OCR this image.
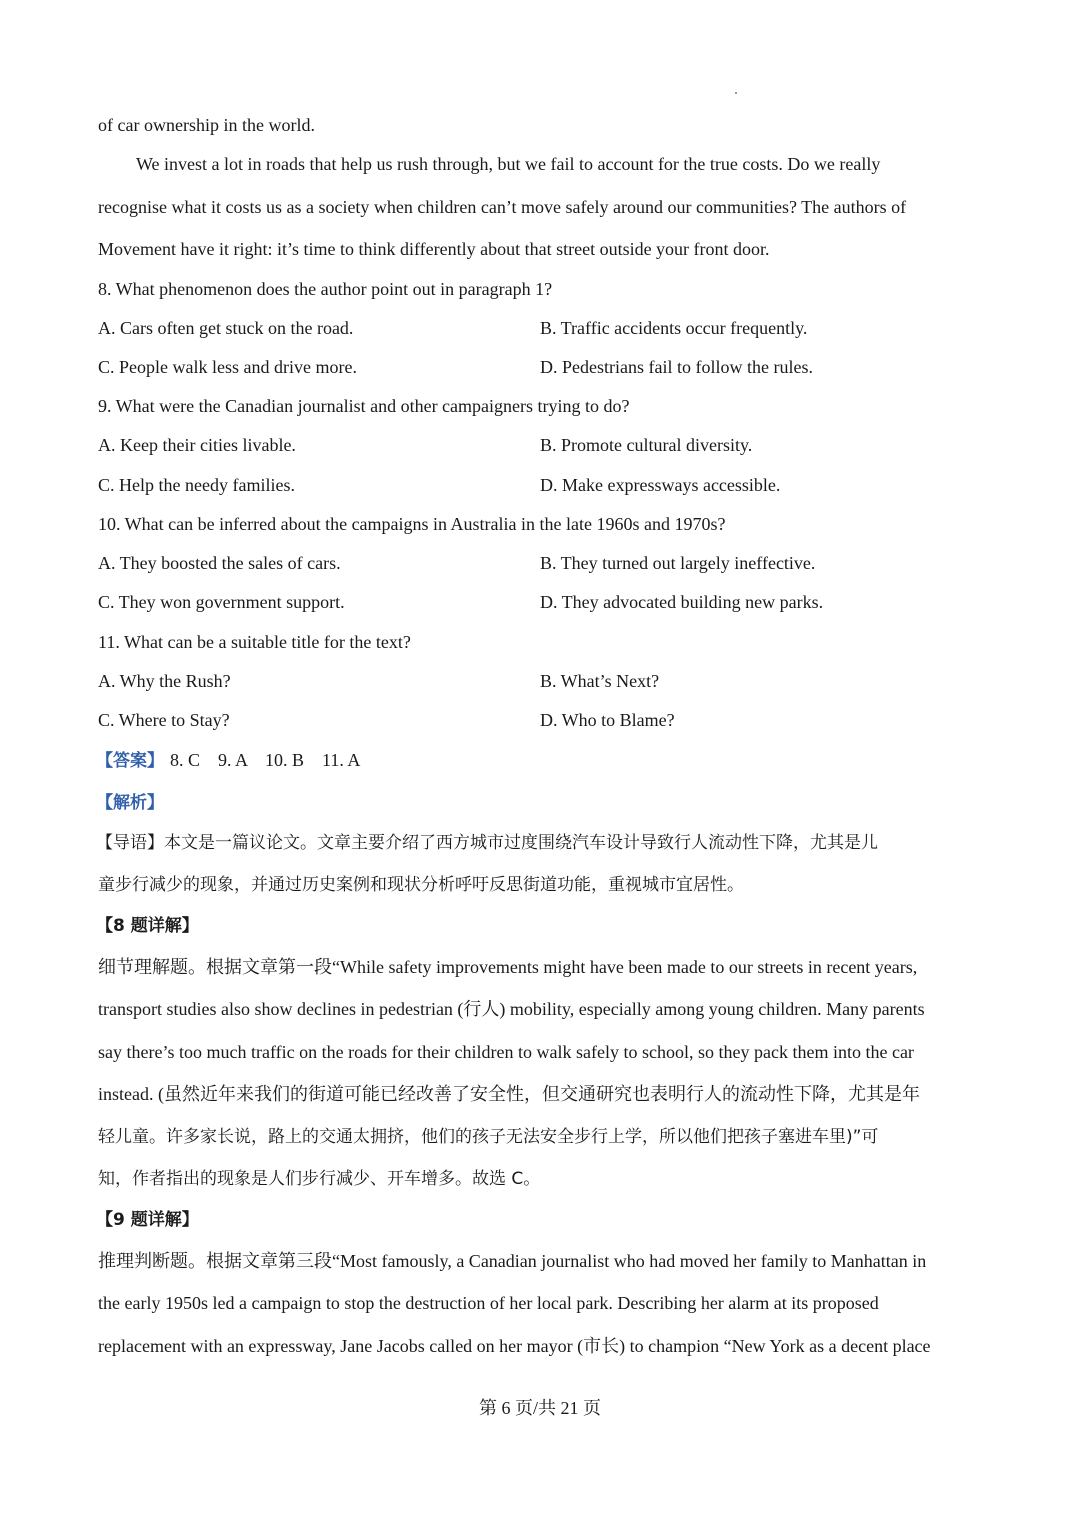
of car ownership in the world.
We invest a lot in roads that help us rush through, but we fail to account for the true costs. Do we really
recognise what it costs us as a society when children can’t move safely around our communities? The authors of
Movement have it right: it’s time to think differently about that street outside your front door.
8. What phenomenon does the author point out in paragraph 1?
A. Cars often get stuck on the road.	B. Traffic accidents occur frequently.
C. People walk less and drive more.	D. Pedestrians fail to follow the rules.
9. What were the Canadian journalist and other campaigners trying to do?
A. Keep their cities livable.	B. Promote cultural diversity.
C. Help the needy families.	D. Make expressways accessible.
10. What can be inferred about the campaigns in Australia in the late 1960s and 1970s?
A. They boosted the sales of cars.	B. They turned out largely ineffective.
C. They won government support.	D. They advocated building new parks.
11. What can be a suitable title for the text?
A. Why the Rush?	B. What’s Next?
C. Where to Stay?	D. Who to Blame?
【答案】 8. C    9. A    10. B    11. A
【解析】
【导语】本文是一篇议论文。文章主要介绍了西方城市过度围绕汽车设计导致行人流动性下降，尤其是儿
童步行减少的现象，并通过历史案例和现状分析呼吁反思街道功能，重视城市宜居性。
【8 题详解】
细节理解题。根据文章第一段“While safety improvements might have been made to our streets in recent years,
transport studies also show declines in pedestrian (行人) mobility, especially among young children. Many parents
say there’s too much traffic on the roads for their children to walk safely to school, so they pack them into the car
instead. (虽然近年来我们的街道可能已经改善了安全性，但交通研究也表明行人的流动性下降，尤其是年
轻儿童。许多家长说，路上的交通太拥挤，他们的孩子无法安全步行上学，所以他们把孩子塞进车里)”可
知，作者指出的现象是人们步行减少、开车增多。故选 C。
【9 题详解】
推理判断题。根据文章第三段“Most famously, a Canadian journalist who had moved her family to Manhattan in
the early 1950s led a campaign to stop the destruction of her local park. Describing her alarm at its proposed
replacement with an expressway, Jane Jacobs called on her mayor (市长) to champion “New York as a decent place
第 6 页/共 21 页
